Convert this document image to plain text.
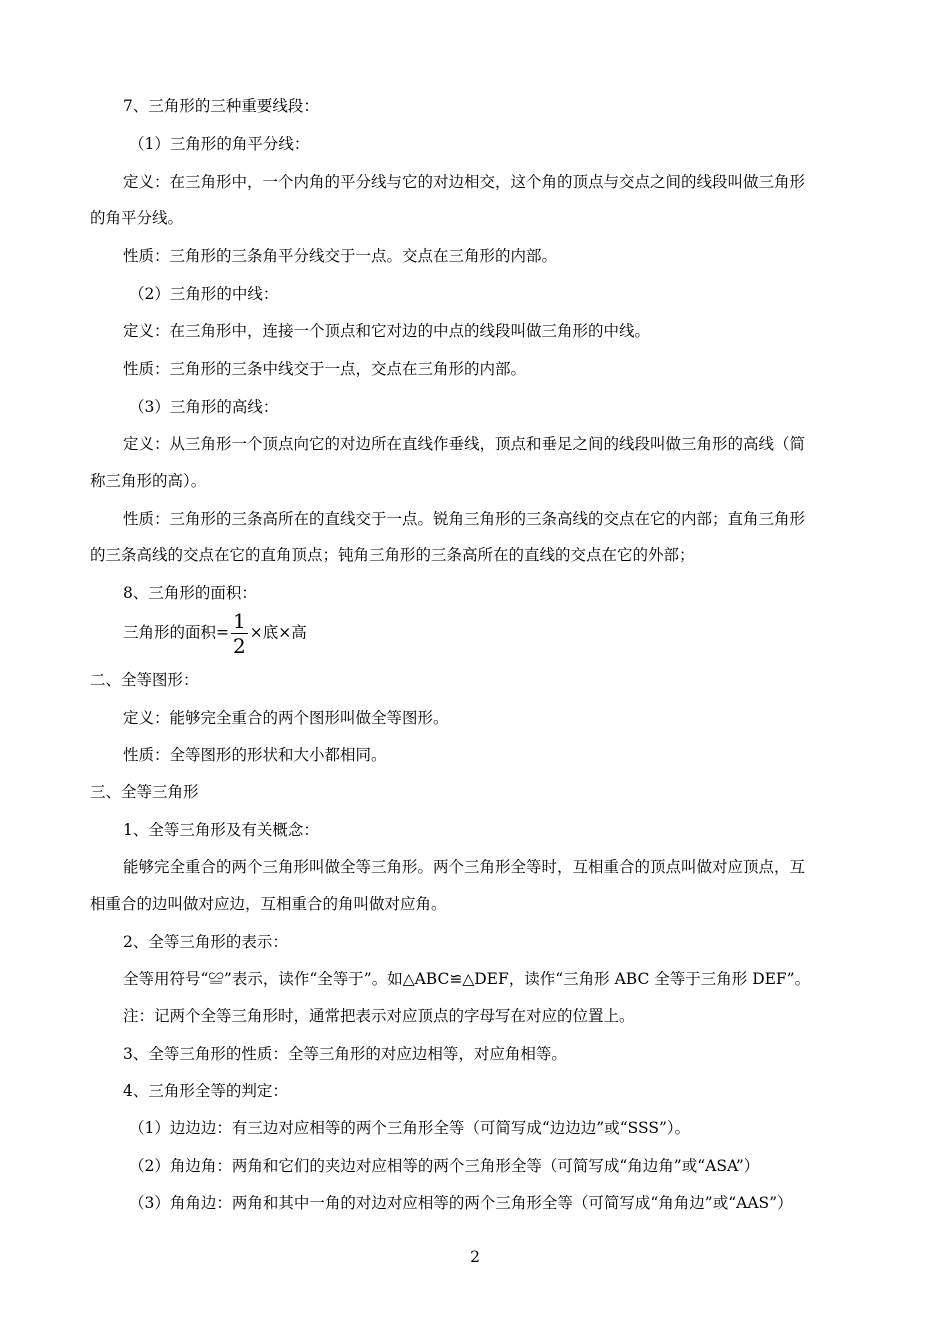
7、三角形的三种重要线段：

（1）三角形的角平分线：

定义：在三角形中，一个内角的平分线与它的对边相交，这个角的顶点与交点之间的线段叫做三角形

的角平分线。

性质：三角形的三条角平分线交于一点。交点在三角形的内部。

（2）三角形的中线：

定义：在三角形中，连接一个顶点和它对边的中点的线段叫做三角形的中线。

性质：三角形的三条中线交于一点，交点在三角形的内部。

（3）三角形的高线：

定义：从三角形一个顶点向它的对边所在直线作垂线，顶点和垂足之间的线段叫做三角形的高线（简

称三角形的高）。

性质：三角形的三条高所在的直线交于一点。锐角三角形的三条高线的交点在它的内部；直角三角形

的三条高线的交点在它的直角顶点；钝角三角形的三条高所在的直线的交点在它的外部；

8、三角形的面积：

三角形的面积= $\frac{1}{2}$ ×底×高

二、全等图形：

定义：能够完全重合的两个图形叫做全等图形。

性质：全等图形的形状和大小都相同。

三、全等三角形

1、全等三角形及有关概念：

能够完全重合的两个三角形叫做全等三角形。两个三角形全等时，互相重合的顶点叫做对应顶点，互

相重合的边叫做对应边，互相重合的角叫做对应角。

2、全等三角形的表示：

全等用符号“≌”表示，读作“全等于”。如△ABC≌△DEF，读作“三角形 ABC 全等于三角形 DEF”。

注：记两个全等三角形时，通常把表示对应顶点的字母写在对应的位置上。

3、全等三角形的性质：全等三角形的对应边相等，对应角相等。

4、三角形全等的判定：

（1）边边边：有三边对应相等的两个三角形全等（可简写成“边边边”或“SSS”）。

（2）角边角：两角和它们的夹边对应相等的两个三角形全等（可简写成“角边角”或“ASA”）

（3）角角边：两角和其中一角的对边对应相等的两个三角形全等（可简写成“角角边”或“AAS”）

2
